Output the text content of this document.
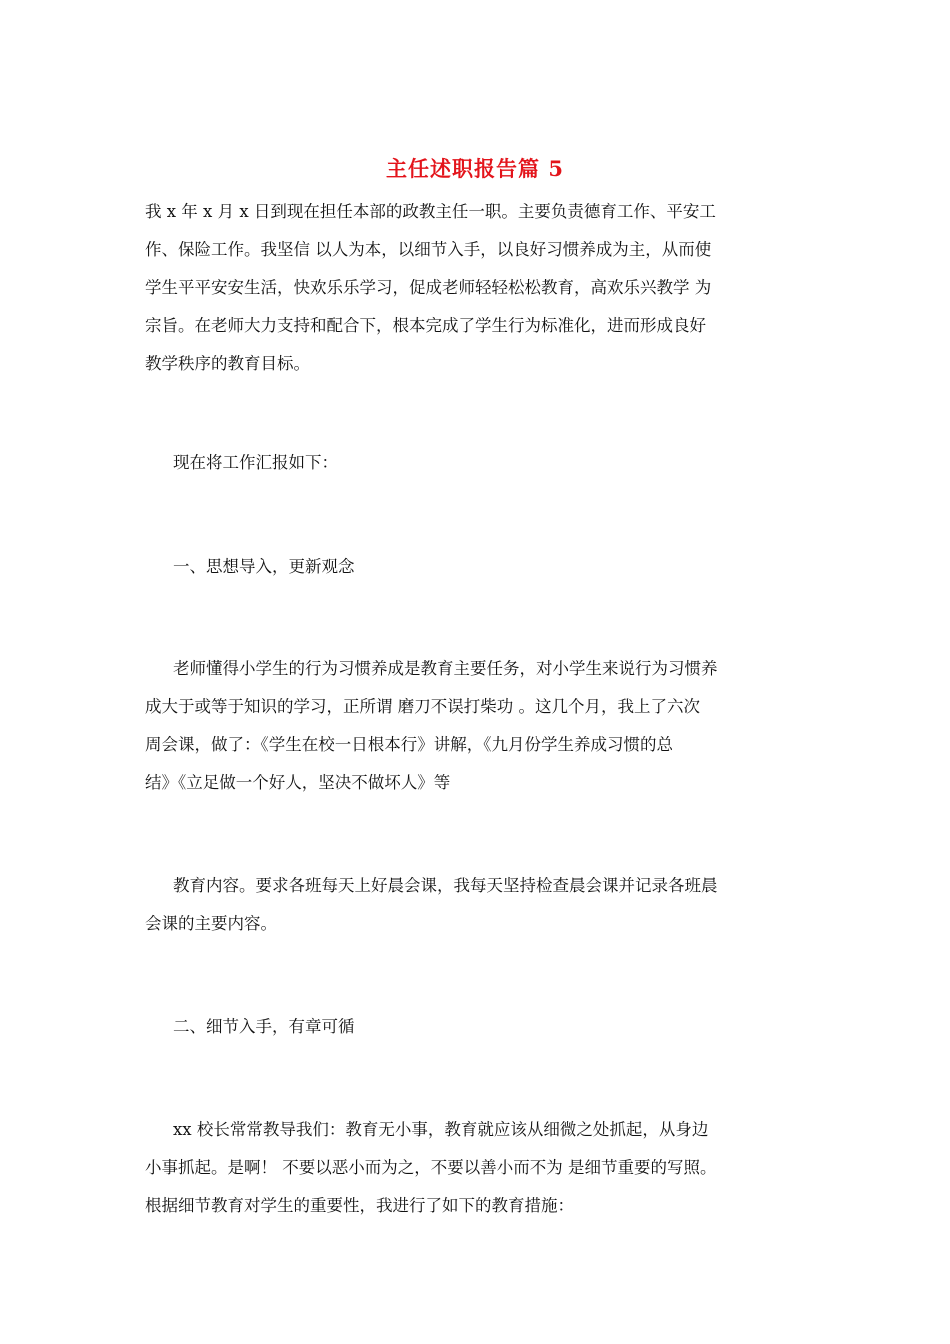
主任述职报告篇 5
我 x 年 x 月 x 日到现在担任本部的政教主任一职。主要负责德育工作、平安工
作、保险工作。我坚信 以人为本，以细节入手，以良好习惯养成为主，从而使
学生平平安安生活，快欢乐乐学习，促成老师轻轻松松教育，高欢乐兴教学 为
宗旨。在老师大力支持和配合下，根本完成了学生行为标准化，进而形成良好
教学秩序的教育目标。
现在将工作汇报如下：
一、思想导入，更新观念
老师懂得小学生的行为习惯养成是教育主要任务，对小学生来说行为习惯养
成大于或等于知识的学习，正所谓 磨刀不误打柴功 。这几个月，我上了六次
周会课，做了：《学生在校一日根本行》讲解，《九月份学生养成习惯的总
结》《立足做一个好人，坚决不做坏人》等
教育内容。要求各班每天上好晨会课，我每天坚持检查晨会课并记录各班晨
会课的主要内容。
二、细节入手，有章可循
xx 校长常常教导我们：教育无小事，教育就应该从细微之处抓起，从身边
小事抓起。是啊！ 不要以恶小而为之，不要以善小而不为 是细节重要的写照。
根据细节教育对学生的重要性，我进行了如下的教育措施：
